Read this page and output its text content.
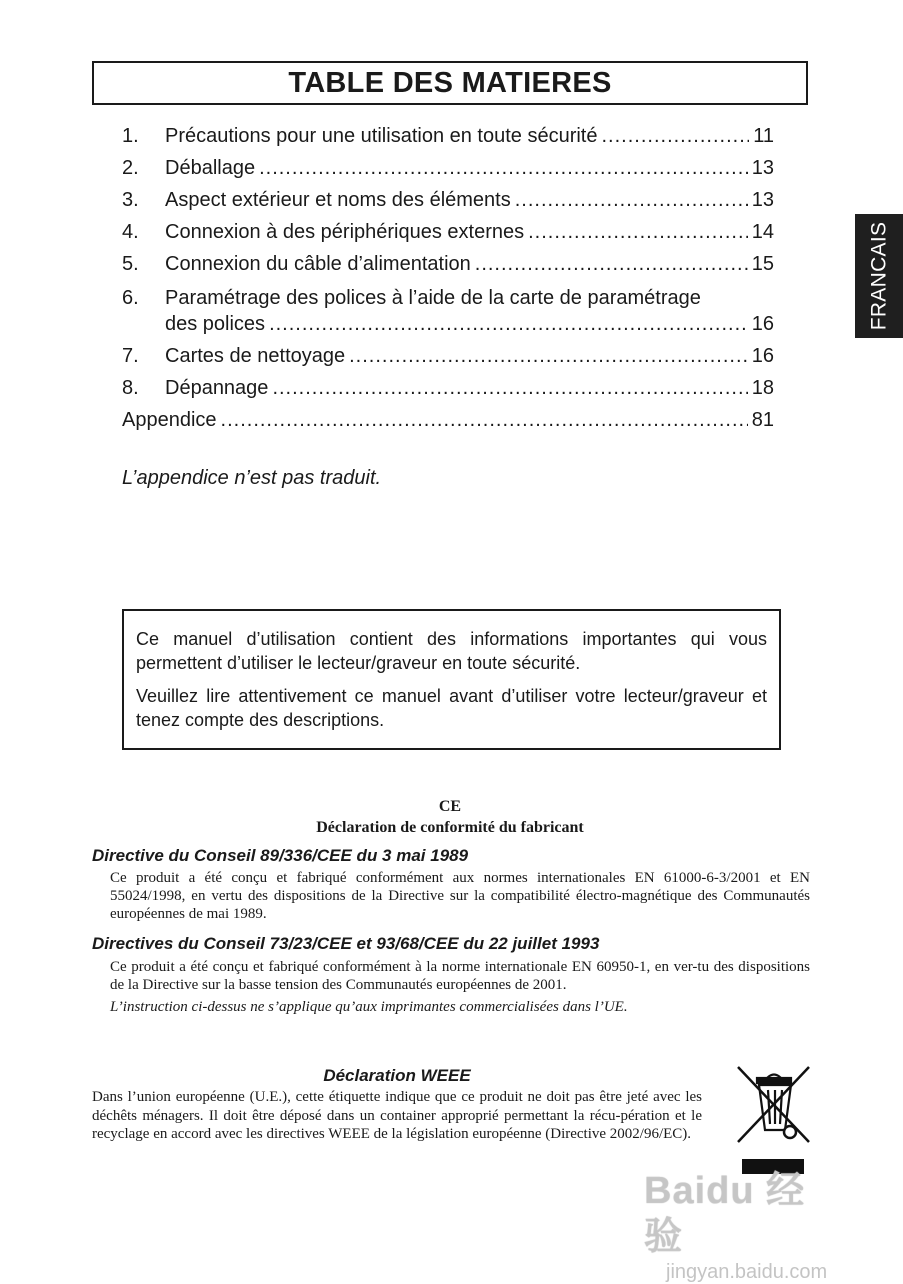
TABLE DES MATIERES
FRANCAIS
1.	Précautions pour une utilisation en toute sécurité .....	11
2.	Déballage .....	13
3.	Aspect extérieur et noms des éléments .....	13
4.	Connexion à des périphériques externes .....	14
5.	Connexion du câble d’alimentation .....	15
6.	Paramétrage des polices à l’aide de la carte de paramétrage
des polices .....	16
7.	Cartes de nettoyage .....	16
8.	Dépannage .....	18
Appendice .....	81
L’appendice n’est pas traduit.

Ce manuel d’utilisation contient des informations importantes qui vous permettent d’utiliser le lecteur/graveur en toute sécurité.

Veuillez lire attentivement ce manuel avant d’utiliser votre lecteur/graveur et tenez compte des descriptions.

CE
Déclaration de conformité du fabricant
Directive du Conseil 89/336/CEE du 3 mai 1989
Ce produit a été conçu et fabriqué conformément aux normes internationales EN 61000-6-3/2001 et EN 55024/1998, en vertu des dispositions de la Directive sur la compatibilité électro-magnétique des Communautés européennes de mai 1989.
Directives du Conseil 73/23/CEE et 93/68/CEE du 22 juillet 1993
Ce produit a été conçu et fabriqué conformément à la norme internationale EN 60950-1, en ver-tu des dispositions de la Directive sur la basse tension des Communautés européennes de 2001.
L’instruction ci-dessus ne s’applique qu’aux imprimantes commercialisées dans l’UE.
Déclaration WEEE
Dans l’union européenne (U.E.), cette étiquette indique que ce produit ne doit pas être jeté avec les déchêts ménagers. Il doit être déposé dans un container approprié permettant la récu-pération et le recyclage en accord avec les directives WEEE de la législation européenne (Directive 2002/96/EC).
Baidu 经验
jingyan.baidu.com
